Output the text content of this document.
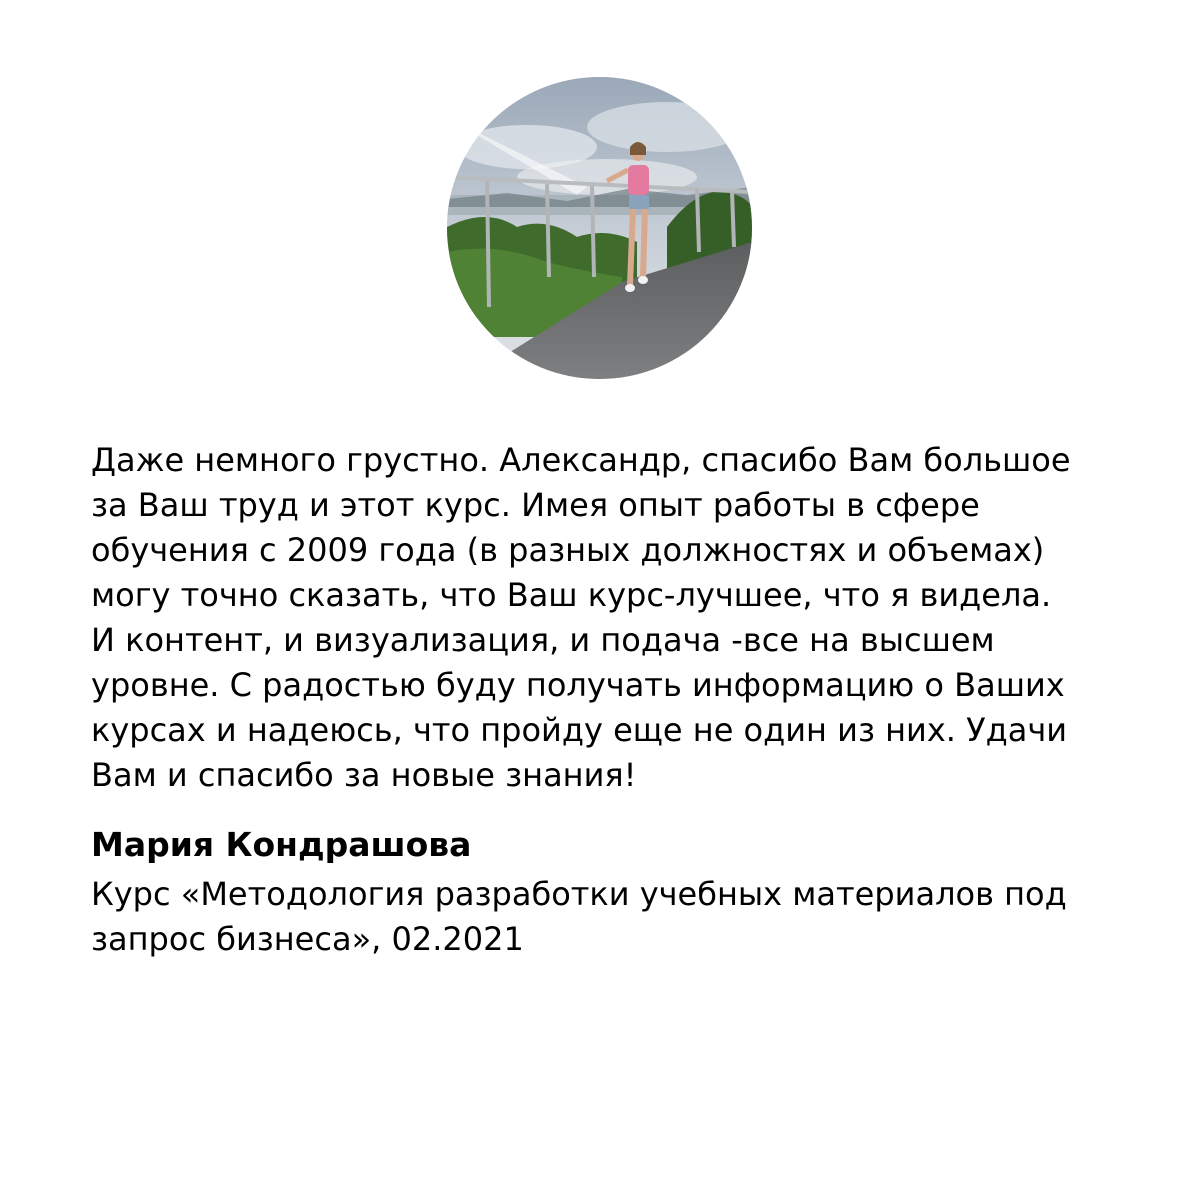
Даже немного грустно. Александр, спасибо Вам большое
за Ваш труд и этот курс. Имея опыт работы в сфере
обучения с 2009 года (в разных должностях и объемах)
могу точно сказать, что Ваш курс-лучшее, что я видела.
И контент, и визуализация, и подача -все на высшем
уровне. С радостью буду получать информацию о Ваших
курсах и надеюсь, что пройду еще не один из них. Удачи
Вам и спасибо за новые знания!

Мария Кондрашова

Курс «Методология разработки учебных материалов под
запрос бизнеса», 02.2021
